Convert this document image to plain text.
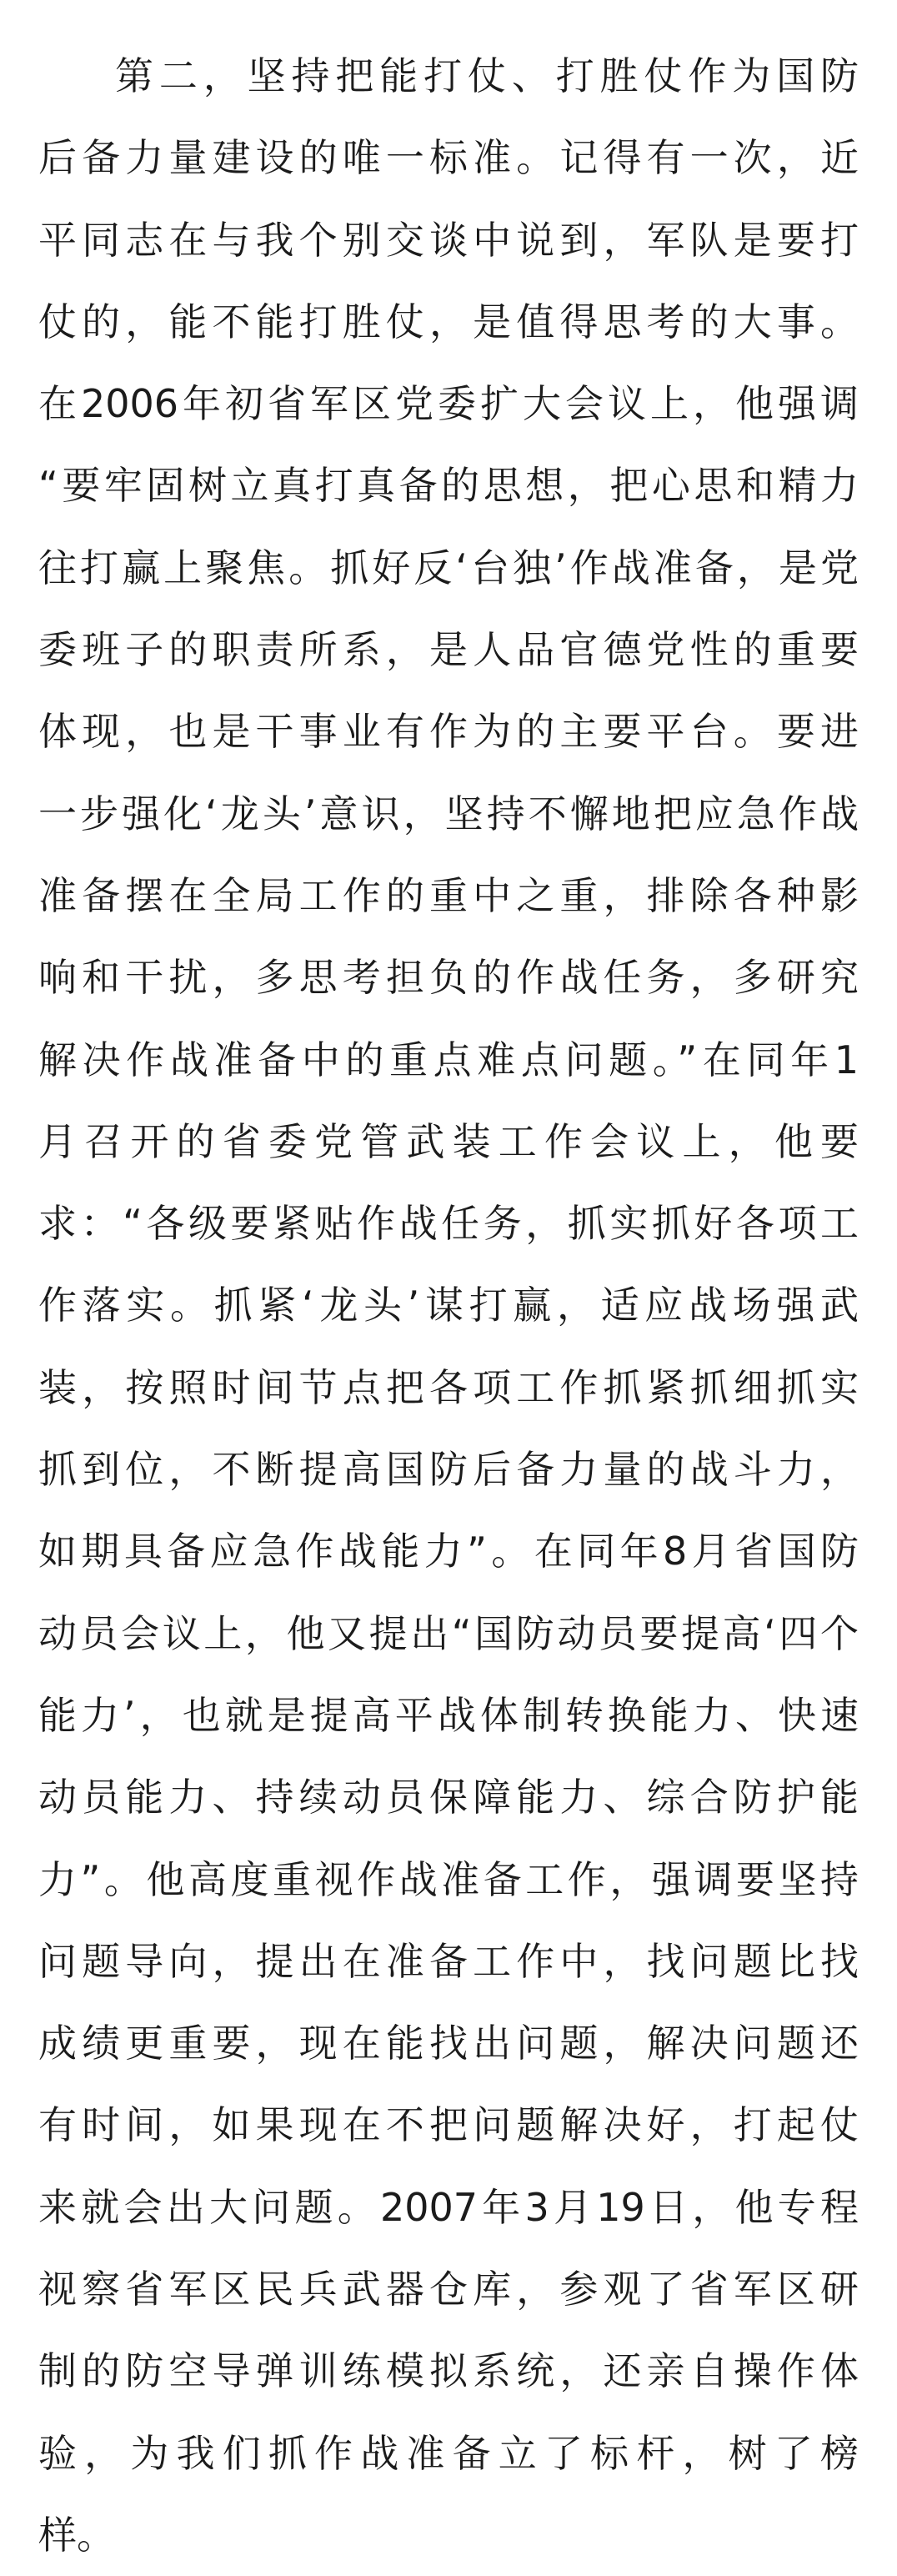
第二，坚持把能打仗、打胜仗作为国防
后备力量建设的唯一标准。记得有一次，近
平同志在与我个别交谈中说到，军队是要打
仗的，能不能打胜仗，是值得思考的大事。
在2006年初省军区党委扩大会议上，他强调
“要牢固树立真打真备的思想，把心思和精力
往打赢上聚焦。抓好反‘台独’作战准备，是党
委班子的职责所系，是人品官德党性的重要
体现，也是干事业有作为的主要平台。要进
一步强化‘龙头’意识，坚持不懈地把应急作战
准备摆在全局工作的重中之重，排除各种影
响和干扰，多思考担负的作战任务，多研究
解决作战准备中的重点难点问题。”在同年1
月召开的省委党管武装工作会议上，他要
求：“各级要紧贴作战任务，抓实抓好各项工
作落实。抓紧‘龙头’谋打赢，适应战场强武
装，按照时间节点把各项工作抓紧抓细抓实
抓到位，不断提高国防后备力量的战斗力，
如期具备应急作战能力”。在同年8月省国防
动员会议上，他又提出“国防动员要提高‘四个
能力’，也就是提高平战体制转换能力、快速
动员能力、持续动员保障能力、综合防护能
力”。他高度重视作战准备工作，强调要坚持
问题导向，提出在准备工作中，找问题比找
成绩更重要，现在能找出问题，解决问题还
有时间，如果现在不把问题解决好，打起仗
来就会出大问题。2007年3月19日，他专程
视察省军区民兵武器仓库，参观了省军区研
制的防空导弹训练模拟系统，还亲自操作体
验，为我们抓作战准备立了标杆，树了榜
样。
